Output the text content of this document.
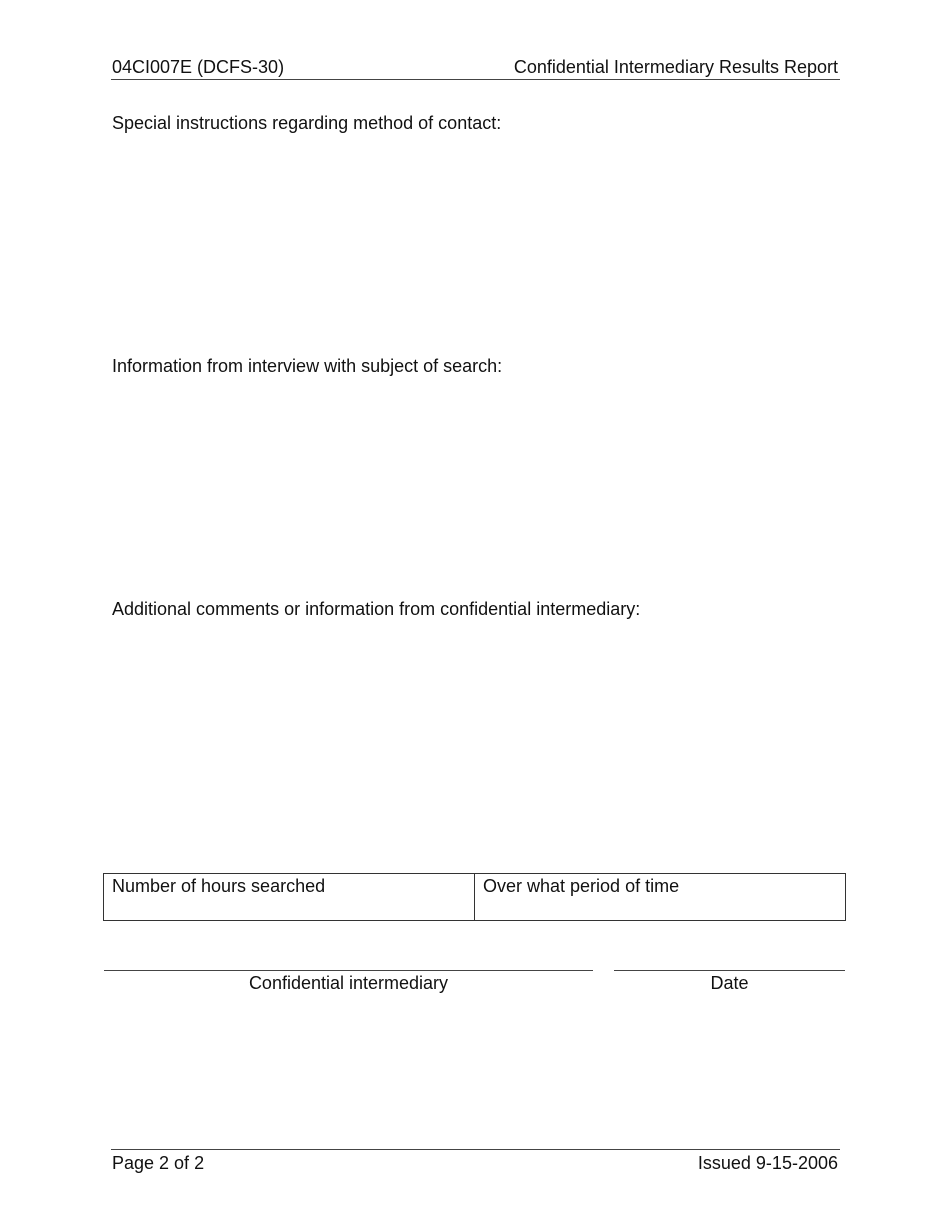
04CI007E (DCFS-30)	Confidential Intermediary Results Report
Special instructions regarding method of contact:
Information from interview with subject of search:
Additional comments or information from confidential intermediary:
Number of hours searched	Over what period of time
Confidential intermediary	Date
Page 2 of 2	Issued 9-15-2006
